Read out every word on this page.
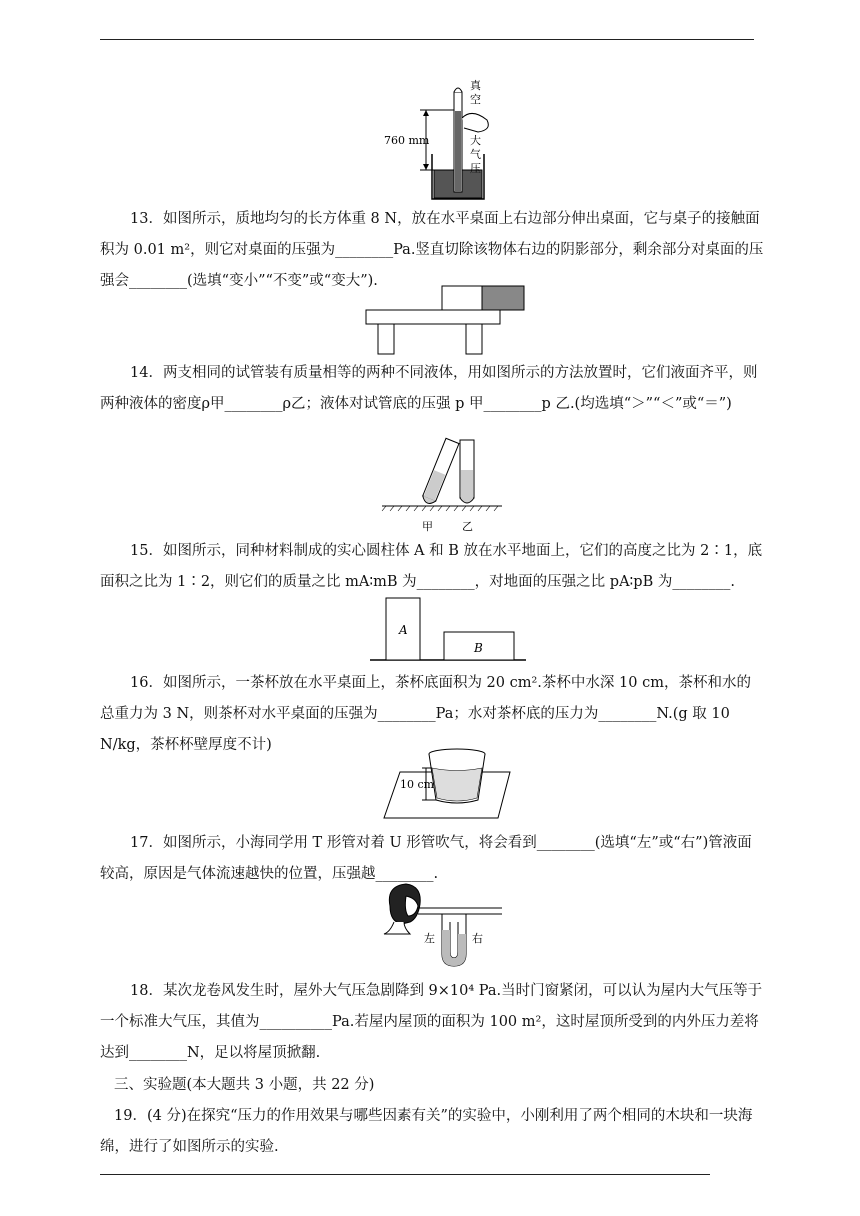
760 mm
真
空
大
气
压

13．如图所示，质地均匀的长方体重 8 N，放在水平桌面上右边部分伸出桌面，它与桌子的接触面积为 0.01 m²，则它对桌面的压强为________Pa.竖直切除该物体右边的阴影部分，剩余部分对桌面的压强会________(选填“变小”“不变”或“变大”).

14．两支相同的试管装有质量相等的两种不同液体，用如图所示的方法放置时，它们液面齐平，则两种液体的密度ρ甲________ρ乙；液体对试管底的压强 p 甲________p 乙.(均选填“＞”“＜”或“＝”)

甲	乙

15．如图所示，同种材料制成的实心圆柱体 A 和 B 放在水平地面上，它们的高度之比为 2∶1，底面积之比为 1∶2，则它们的质量之比 mA∶mB 为________，对地面的压强之比 pA∶pB 为________.

A
B

16．如图所示，一茶杯放在水平桌面上，茶杯底面积为 20 cm².茶杯中水深 10 cm，茶杯和水的总重力为 3 N，则茶杯对水平桌面的压强为________Pa；水对茶杯底的压力为________N.(g 取 10 N/kg，茶杯杯壁厚度不计)

10 cm

17．如图所示，小海同学用 T 形管对着 U 形管吹气，将会看到________(选填“左”或“右”)管液面较高，原因是气体流速越快的位置，压强越________.

左	右

18．某次龙卷风发生时，屋外大气压急剧降到 9×10⁴ Pa.当时门窗紧闭，可以认为屋内大气压等于一个标准大气压，其值为__________Pa.若屋内屋顶的面积为 100 m²，这时屋顶所受到的内外压力差将达到________N，足以将屋顶掀翻.

三、实验题(本大题共 3 小题，共 22 分)

19．(4 分)在探究“压力的作用效果与哪些因素有关”的实验中，小刚利用了两个相同的木块和一块海绵，进行了如图所示的实验.
